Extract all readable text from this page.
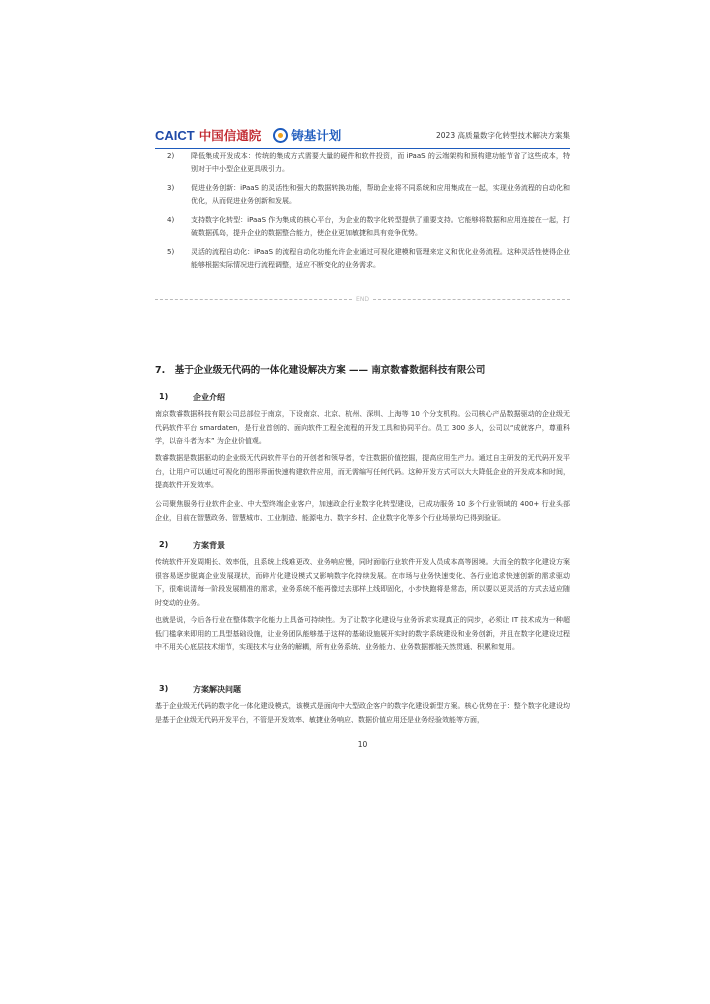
CAICT 中国信通院 铸基计划	2023 高质量数字化转型技术解决方案集
2)	降低集成开发成本：传统的集成方式需要大量的硬件和软件投资，而 iPaaS 的云端架构和预构建功能节省了这些成本，特别对于中小型企业更具吸引力。
3)	促进业务创新：iPaaS 的灵活性和强大的数据转换功能，帮助企业将不同系统和应用集成在一起，实现业务流程的自动化和优化，从而促进业务创新和发展。
4)	支持数字化转型：iPaaS 作为集成的核心平台，为企业的数字化转型提供了重要支持。它能够将数据和应用连接在一起，打破数据孤岛，提升企业的数据整合能力，使企业更加敏捷和具有竞争优势。
5)	灵活的流程自动化：iPaaS 的流程自动化功能允许企业通过可视化建模和管理来定义和优化业务流程。这种灵活性使得企业能够根据实际情况进行流程调整，适应不断变化的业务需求。
END
7.　基于企业级无代码的一体化建设解决方案 —— 南京数睿数据科技有限公司
1)	企业介绍
南京数睿数据科技有限公司总部位于南京，下设南京、北京、杭州、深圳、上海等 10 个分支机构。公司核心产品数据驱动的企业级无代码软件平台 smardaten，是行业首创的、面向软件工程全流程的开发工具和协同平台。员工 300 多人，公司以“成就客户，尊重科学，以奋斗者为本” 为企业价值观。
数睿数据是数据驱动的企业级无代码软件平台的开创者和领导者，专注数据价值挖掘，提高应用生产力。通过自主研发的无代码开发平台，让用户可以通过可视化的图形界面快速构建软件应用，而无需编写任何代码。这种开发方式可以大大降低企业的开发成本和时间，提高软件开发效率。
公司聚焦服务行业软件企业、中大型终端企业客户，加速政企行业数字化转型建设，已成功服务 10 多个行业领域的 400+ 行业头部企业，目前在智慧政务、智慧城市、工业制造、能源电力、数字乡村、企业数字化等多个行业场景均已得到验证。
2)	方案背景
传统软件开发周期长、效率低，且系统上线难更改、业务响应慢，同时面临行业软件开发人员成本高等困境。大而全的数字化建设方案很容易逐步脱离企业发展现状，而碎片化建设模式又影响数字化持续发展。在市场与业务快速变化、各行业追求快速创新的需求驱动下，很难说清每一阶段发展精准的需求，业务系统不能再像过去那样上线即固化，小步快跑将是常态，所以要以更灵活的方式去适应随时变动的业务。
也就是说，今后各行业在整体数字化能力上具备可持续性。为了让数字化建设与业务诉求实现真正的同步，必须让 IT 技术成为一种超低门槛拿来即用的工具型基础设施，让业务团队能够基于这样的基础设施展开实时的数字系统建设和业务创新，并且在数字化建设过程中不用关心底层技术细节，实现技术与业务的解耦，所有业务系统、业务能力、业务数据都能天然贯通、积累和复用。
3)	方案解决问题
基于企业级无代码的数字化一体化建设模式，该模式是面向中大型政企客户的数字化建设新型方案。核心优势在于：整个数字化建设均是基于企业级无代码开发平台，不管是开发效率、敏捷业务响应、数据价值应用还是业务经验效能等方面，
10
